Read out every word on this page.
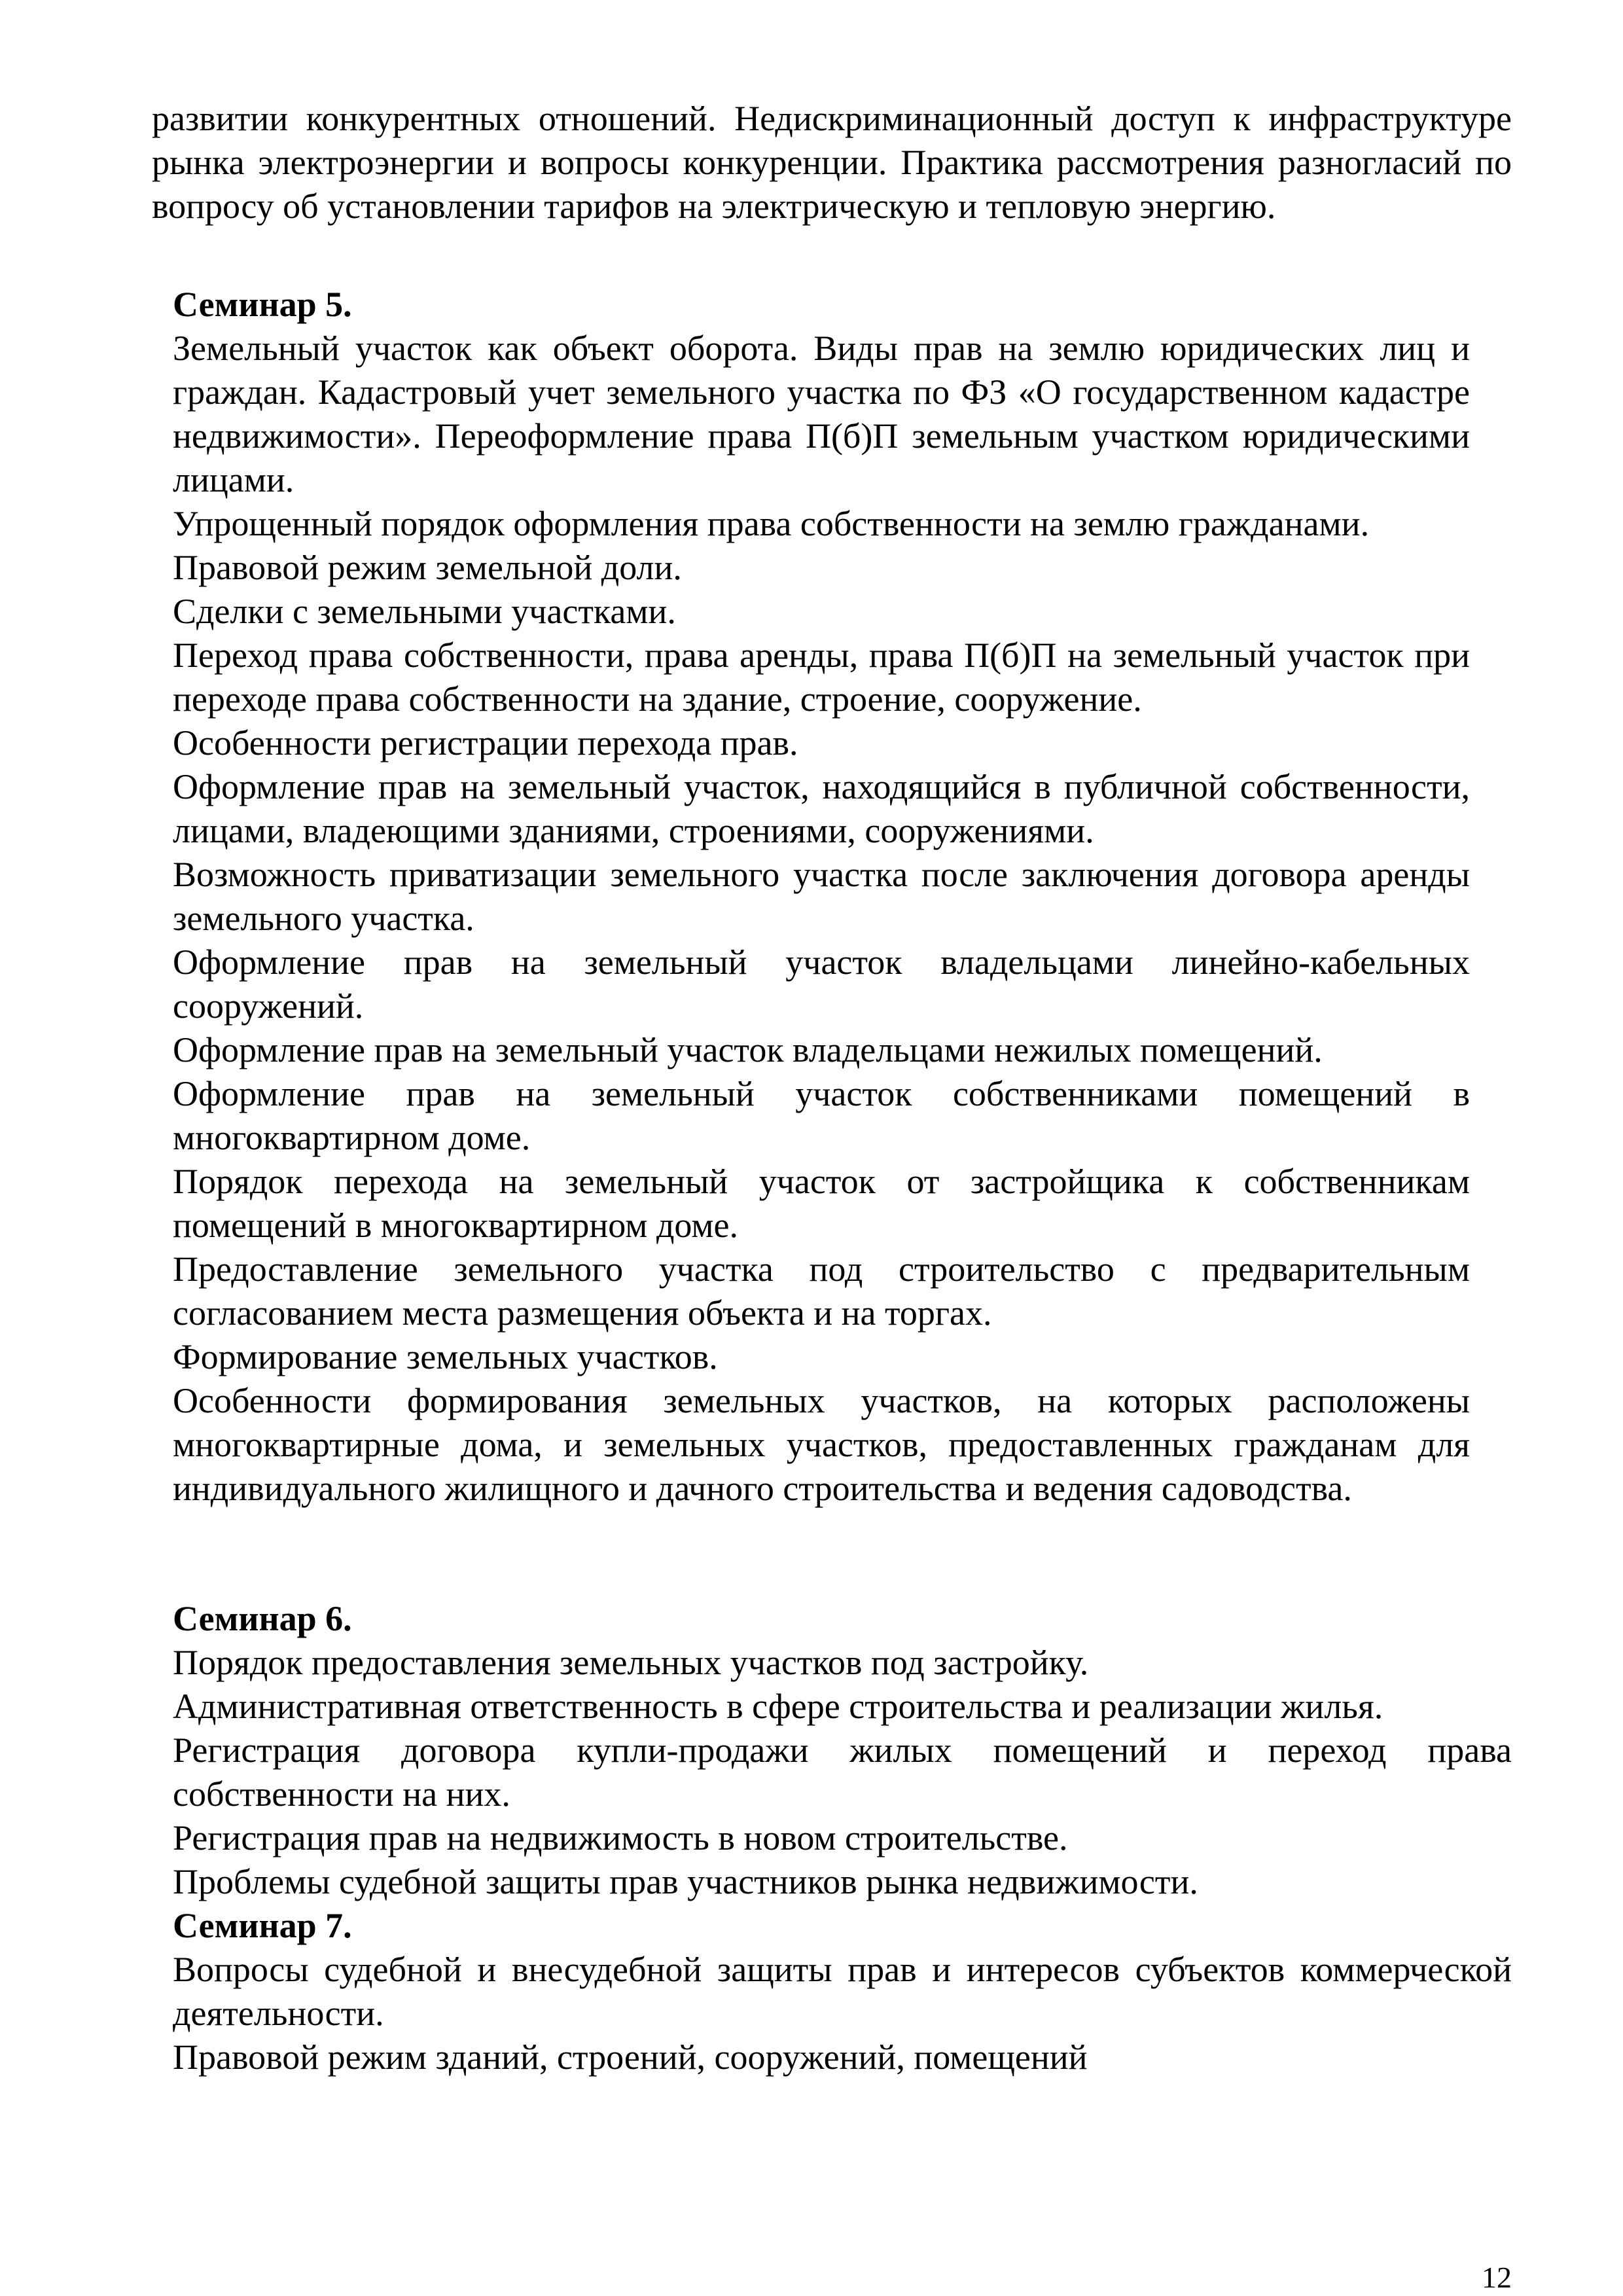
развитии конкурентных отношений. Недискриминационный доступ к инфраструктуре рынка электроэнергии и вопросы конкуренции. Практика рассмотрения разногласий по вопросу об установлении тарифов на электрическую и тепловую энергию.

Семинар 5.

Земельный участок как объект оборота. Виды прав на землю юридических лиц и граждан. Кадастровый учет земельного участка по ФЗ «О государственном кадастре недвижимости». Переоформление права П(б)П земельным участком юридическими лицами.

Упрощенный порядок оформления права собственности на землю гражданами.

Правовой режим земельной доли.

Сделки с земельными участками.

Переход права собственности, права аренды, права П(б)П на земельный участок при переходе права собственности на здание, строение, сооружение.

Особенности регистрации перехода прав.

Оформление прав на земельный участок, находящийся в публичной собственности, лицами, владеющими зданиями, строениями, сооружениями.

Возможность приватизации земельного участка после заключения договора аренды земельного участка.

Оформление прав на земельный участок владельцами линейно-кабельных сооружений.

Оформление прав на земельный участок владельцами нежилых помещений.

Оформление прав на земельный участок собственниками помещений в многоквартирном доме.

Порядок перехода на земельный участок от застройщика к собственникам помещений в многоквартирном доме.

Предоставление земельного участка под строительство с предварительным согласованием места размещения объекта и на торгах.

Формирование земельных участков.

Особенности формирования земельных участков, на которых расположены многоквартирные дома, и земельных участков, предоставленных гражданам для индивидуального жилищного и дачного строительства и ведения садоводства.

Семинар 6.

Порядок предоставления земельных участков под застройку.

Административная ответственность в сфере строительства и реализации жилья.

Регистрация договора купли-продажи жилых помещений и переход права собственности на них.

Регистрация прав на недвижимость в новом строительстве.

Проблемы судебной защиты прав участников рынка недвижимости.

Семинар 7.

Вопросы судебной и внесудебной защиты прав и интересов субъектов коммерческой деятельности.

Правовой режим зданий, строений, сооружений, помещений

12
